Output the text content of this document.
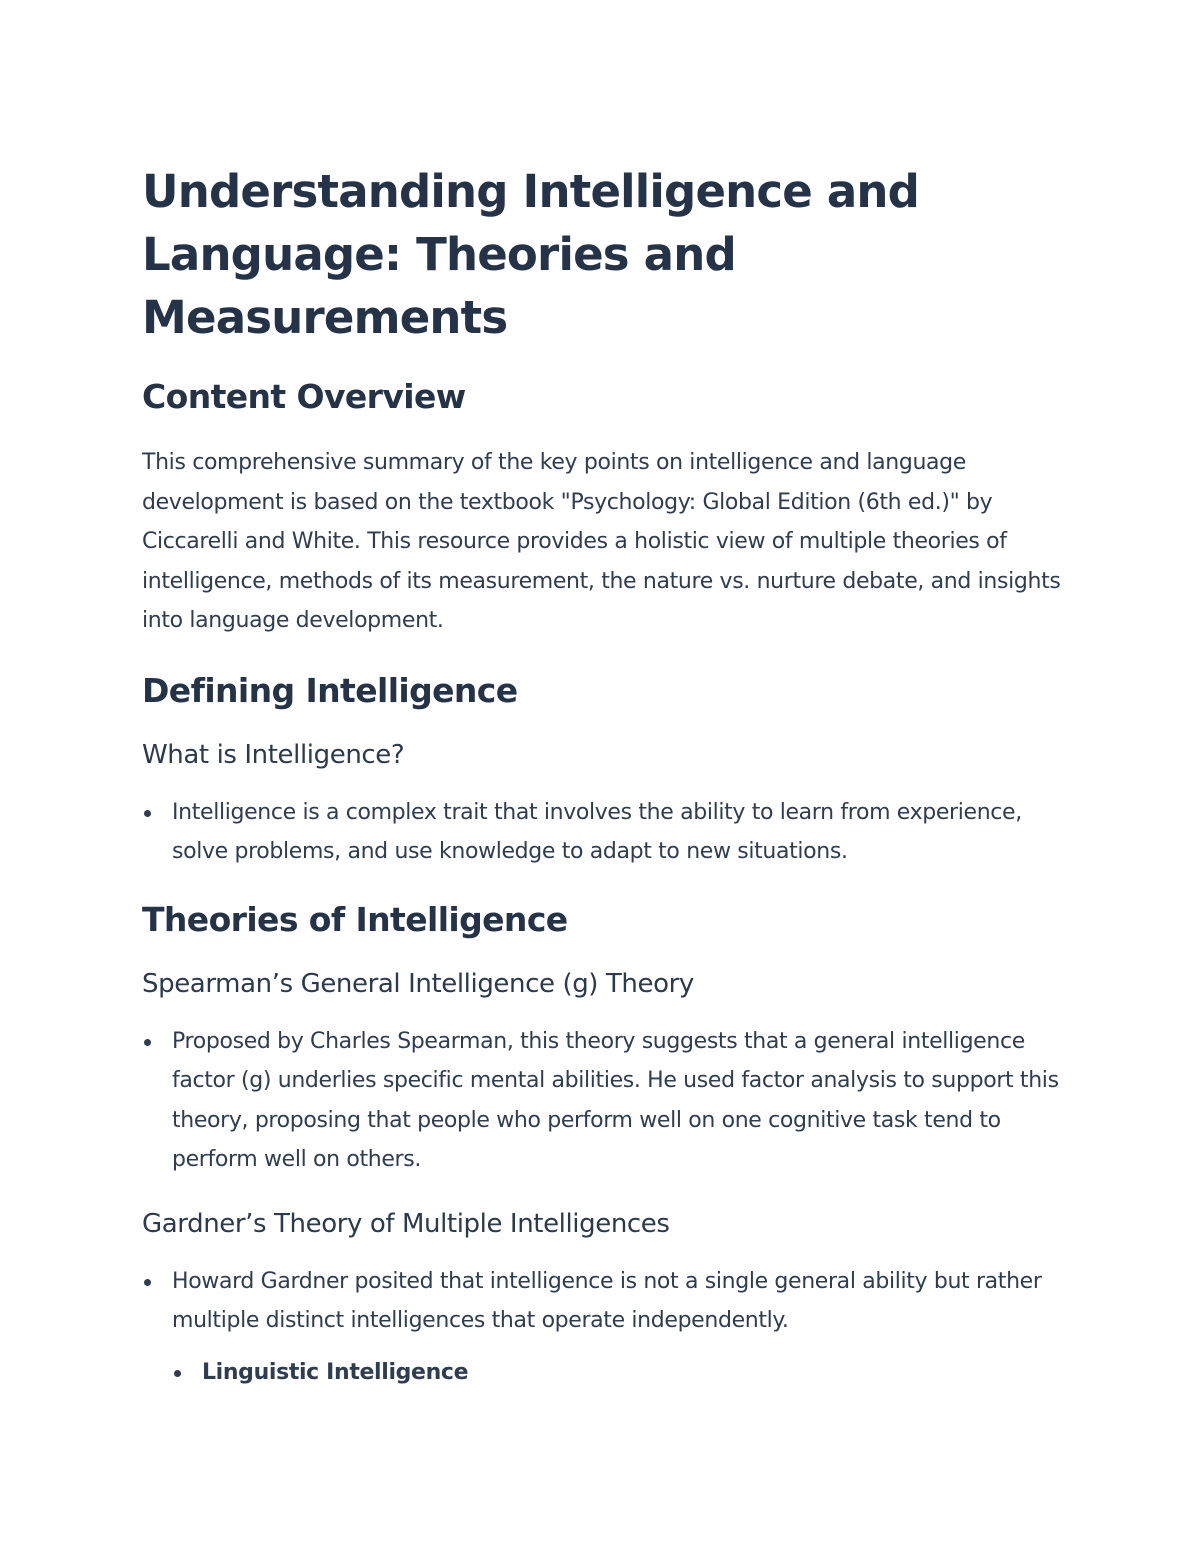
Understanding Intelligence and Language: Theories and Measurements
Content Overview

This comprehensive summary of the key points on intelligence and language development is based on the textbook "Psychology: Global Edition (6th ed.)" by Ciccarelli and White. This resource provides a holistic view of multiple theories of intelligence, methods of its measurement, the nature vs. nurture debate, and insights into language development.

Defining Intelligence
What is Intelligence?
Intelligence is a complex trait that involves the ability to learn from experience, solve problems, and use knowledge to adapt to new situations.
Theories of Intelligence
Spearman’s General Intelligence (g) Theory
Proposed by Charles Spearman, this theory suggests that a general intelligence factor (g) underlies specific mental abilities. He used factor analysis to support this theory, proposing that people who perform well on one cognitive task tend to perform well on others.
Gardner’s Theory of Multiple Intelligences
Howard Gardner posited that intelligence is not a single general ability but rather multiple distinct intelligences that operate independently.
Linguistic Intelligence
